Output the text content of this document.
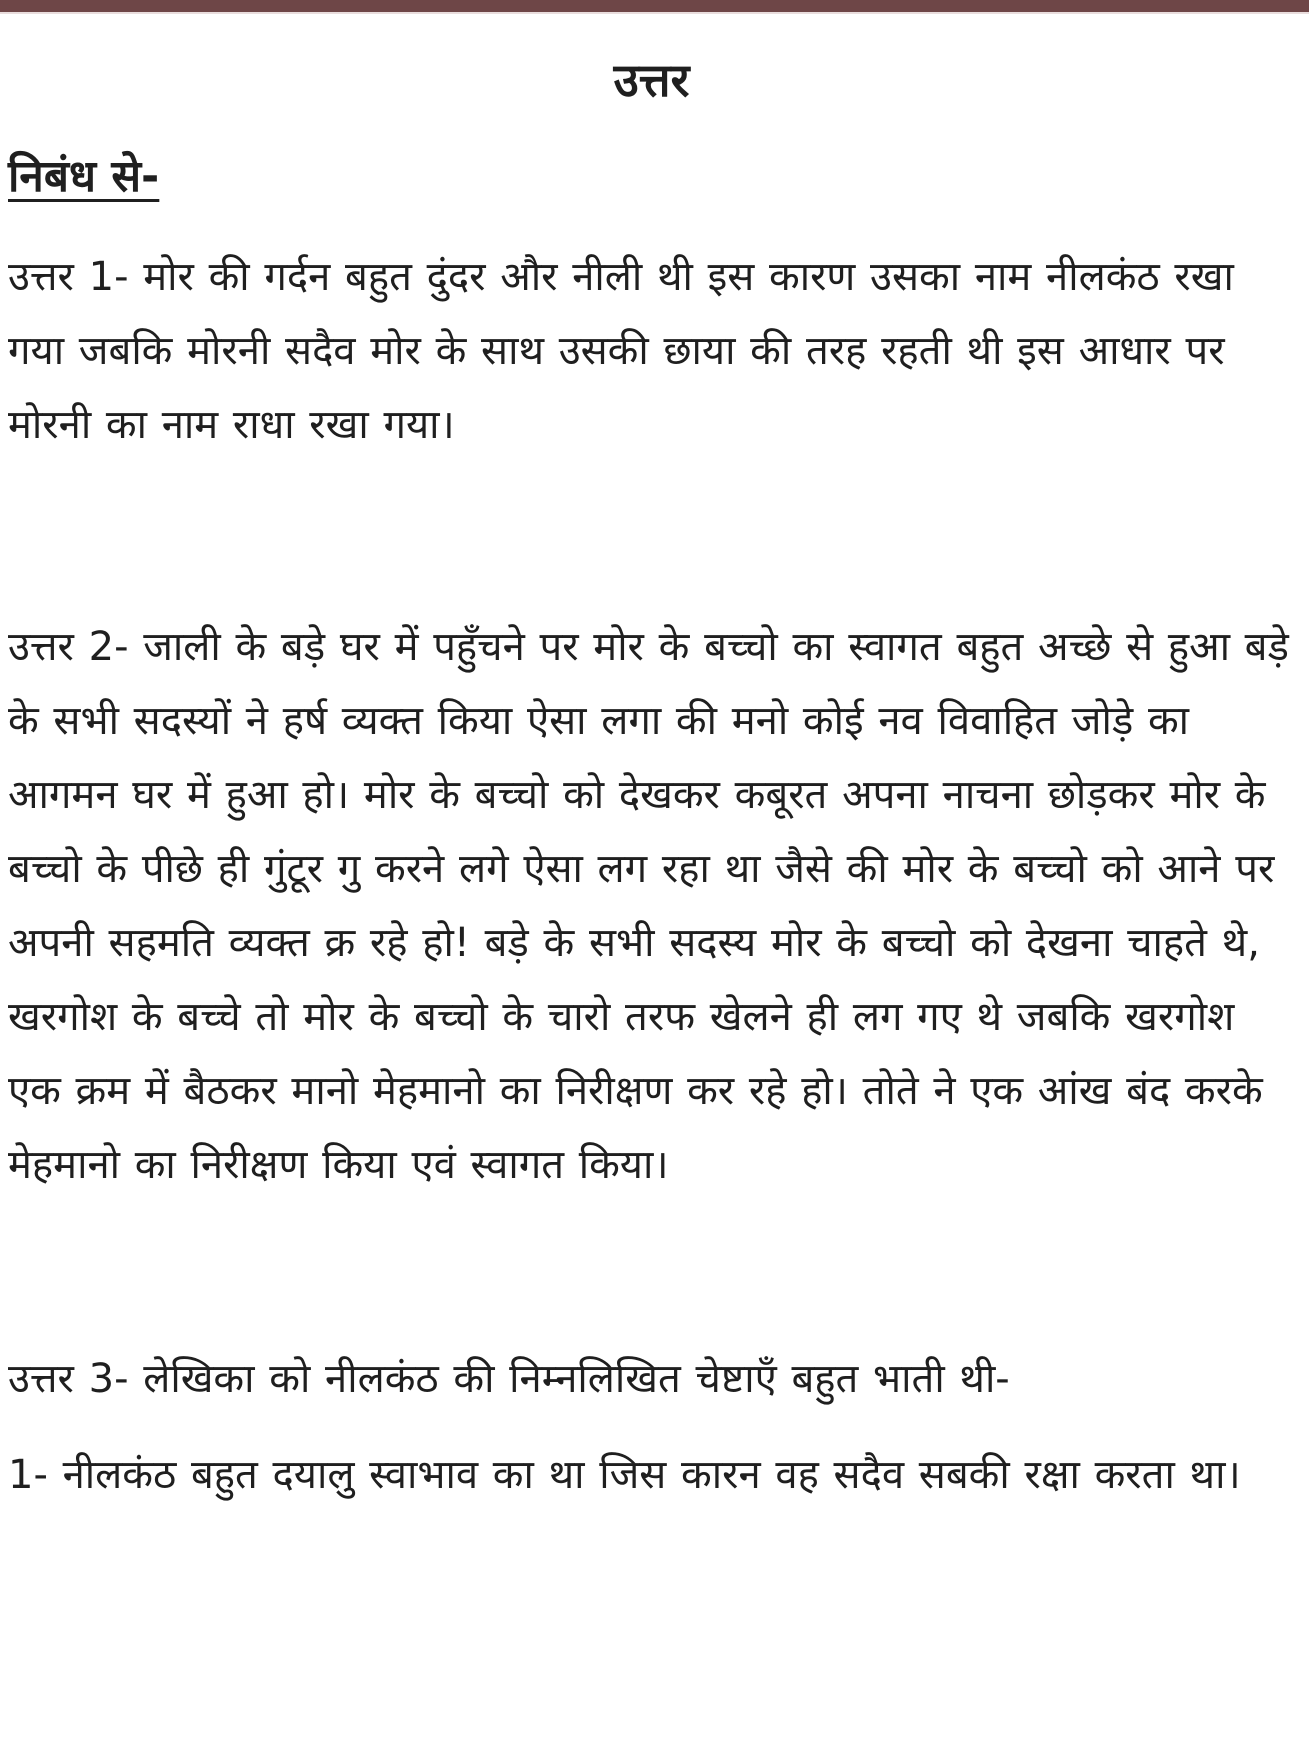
उत्तर
निबंध से-

उत्तर 1- मोर की गर्दन बहुत दुंदर और नीली थी इस कारण उसका नाम नीलकंठ रखा गया जबकि मोरनी सदैव मोर के साथ उसकी छाया की तरह रहती थी इस आधार पर मोरनी का नाम राधा रखा गया।

उत्तर 2- जाली के बड़े घर में पहुँचने पर मोर के बच्चो का स्वागत बहुत अच्छे से हुआ बड़े के सभी सदस्यों ने हर्ष व्यक्त किया ऐसा लगा की मनो कोई नव विवाहित जोड़े का आगमन घर में हुआ हो। मोर के बच्चो को देखकर कबूरत अपना नाचना छोड़कर मोर के बच्चो के पीछे ही गुंटूर गु करने लगे ऐसा लग रहा था जैसे की मोर के बच्चो को आने पर अपनी सहमति व्यक्त क्र रहे हो! बड़े के सभी सदस्य मोर के बच्चो को देखना चाहते थे, खरगोश के बच्चे तो मोर के बच्चो के चारो तरफ खेलने ही लग गए थे जबकि खरगोश एक क्रम में बैठकर मानो मेहमानो का निरीक्षण कर रहे हो। तोते ने एक आंख बंद करके मेहमानो का निरीक्षण किया एवं स्वागत किया।

उत्तर 3- लेखिका को नीलकंठ की निम्नलिखित चेष्टाएँ बहुत भाती थी-

1- नीलकंठ बहुत दयालु स्वाभाव का था जिस कारन वह सदैव सबकी रक्षा करता था।
